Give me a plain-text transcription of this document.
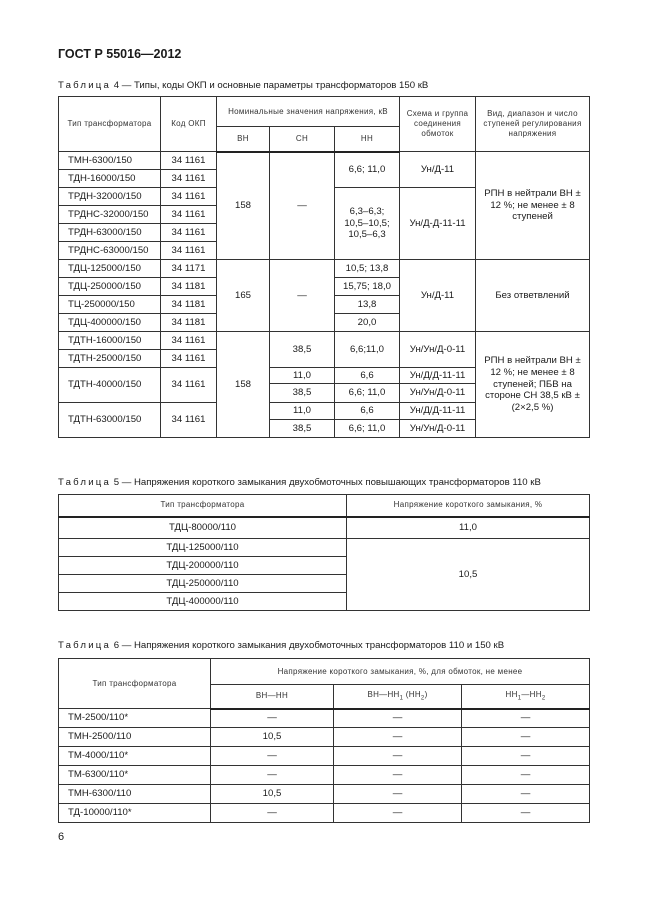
ГОСТ Р 55016—2012
Таблица 4 — Типы, коды ОКП и основные параметры трансформаторов 150 кВ
Тип трансформатора	Код ОКП	Номинальные значения напряжения, кВ			Схема и группа соединения обмоток	Вид, диапазон и число ступеней регулирования напряжения
		ВН	СН	НН		
ТМН-6300/150	34 1161	158	—	6,6; 11,0	Ун/Д-11	РПН в нейтрали ВН ± 12 %; не менее ± 8 ступеней
ТДН-16000/150	34 1161					
ТРДН-32000/150	34 1161			6,3–6,3; 10,5–10,5; 10,5–6,3	Ун/Д-Д-11-11	
ТРДНС-32000/150	34 1161					
ТРДН-63000/150	34 1161					
ТРДНС-63000/150	34 1161					
ТДЦ-125000/150	34 1171	165	—	10,5; 13,8	Ун/Д-11	Без ответвлений
ТДЦ-250000/150	34 1181			15,75; 18,0		
ТЦ-250000/150	34 1181			13,8		
ТДЦ-400000/150	34 1181			20,0		
ТДТН-16000/150	34 1161	158	38,5	6,6;11,0	Ун/Ун/Д-0-11	РПН в нейтрали ВН ± 12 %; не менее ± 8 ступеней; ПБВ на стороне СН 38,5 кВ ± (2×2,5 %)
ТДТН-25000/150	34 1161					
ТДТН-40000/150	34 1161		11,0	6,6	Ун/Д/Д-11-11	
			38,5	6,6; 11,0	Ун/Ун/Д-0-11	
ТДТН-63000/150	34 1161		11,0	6,6	Ун/Д/Д-11-11	
			38,5	6,6; 11,0	Ун/Ун/Д-0-11	
Таблица 5 — Напряжения короткого замыкания двухобмоточных повышающих трансформаторов 110 кВ
Тип трансформатора	Напряжение короткого замыкания, %
ТДЦ-80000/110	11,0
ТДЦ-125000/110	10,5
ТДЦ-200000/110	
ТДЦ-250000/110	
ТДЦ-400000/110	
Таблица 6 — Напряжения короткого замыкания двухобмоточных трансформаторов 110 и 150 кВ
Тип трансформатора	Напряжение короткого замыкания, %, для обмоток, не менее		
	ВН—НН	$ВН—НН_1$ $(НН_2)$	$НН_1—НН_2$
ТМ-2500/110*	—	—	—
ТМН-2500/110	10,5	—	—
ТМ-4000/110*	—	—	—
ТМ-6300/110*	—	—	—
ТМН-6300/110	10,5	—	—
ТД-10000/110*	—	—	—
6
